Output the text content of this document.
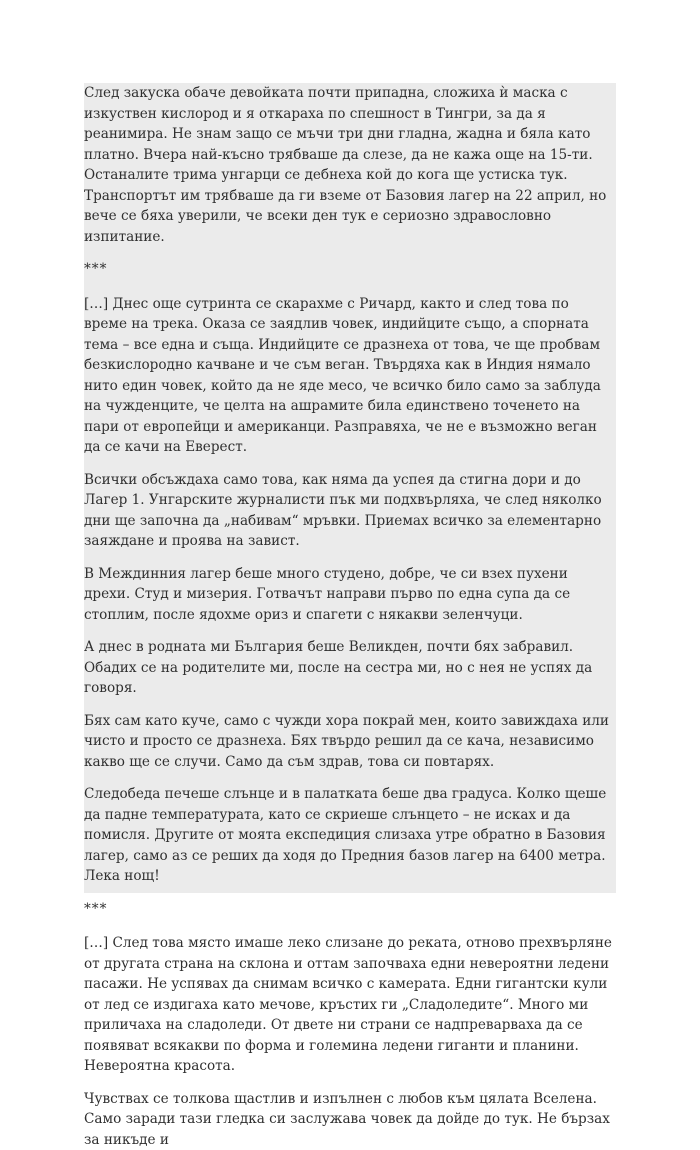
След закуска обаче девойката почти припадна, сложиха ѝ маска с изкуствен кислород и я откараха по спешност в Тингри, за да я реанимира. Не знам защо се мъчи три дни гладна, жадна и бяла като платно. Вчера най-късно трябваше да слезе, да не кажа още на 15-ти. Останалите трима унгарци се дебнеха кой до кога ще устиска тук. Транспортът им трябваше да ги вземе от Базовия лагер на 22 април, но вече се бяха уверили, че всеки ден тук е сериозно здравословно изпитание.

***

[…] Днес още сутринта се скарахме с Ричард, както и след това по време на трека. Оказа се заядлив човек, индийците също, а спорната тема – все една и съща. Индийците се дразнеха от това, че ще пробвам безкислородно качване и че съм веган. Твърдяха как в Индия нямало нито един човек, който да не яде месо, че всичко било само за заблуда на чужденците, че целта на ашрамите била единствено точенето на пари от европейци и американци. Разправяха, че не е възможно веган да се качи на Еверест.

Всички обсъждаха само това, как няма да успея да стигна дори и до Лагер 1. Унгарските журналисти пък ми подхвърляха, че след няколко дни ще започна да „набивам“ мръвки. Приемах всичко за елементарно заяждане и проява на завист.

В Междинния лагер беше много студено, добре, че си взех пухени дрехи. Студ и мизерия. Готвачът направи първо по една супа да се стоплим, после ядохме ориз и спагети с някакви зеленчуци.

А днес в родната ми България беше Великден, почти бях забравил. Обадих се на родителите ми, после на сестра ми, но с нея не успях да говоря.

Бях сам като куче, само с чужди хора покрай мен, които завиждаха или чисто и просто се дразнеха. Бях твърдо решил да се кача, независимо какво ще се случи. Само да съм здрав, това си повтарях.

Следобеда печеше слънце и в палатката беше два градуса. Колко щеше да падне температурата, като се скриеше слънцето – не исках и да помисля. Другите от моята експедиция слизаха утре обратно в Базовия лагер, само аз се реших да ходя до Предния базов лагер на 6400 метра. Лека нощ!

***

[…] След това място имаше леко слизане до реката, отново прехвърляне от другата страна на склона и оттам започваха едни невероятни ледени пасажи. Не успявах да снимам всичко с камерата. Едни гигантски кули от лед се издигаха като мечове, кръстих ги „Сладоледите“. Много ми приличаха на сладоледи. От двете ни страни се надпреварваха да се появяват всякакви по форма и големина ледени гиганти и планини. Невероятна красота.

Чувствах се толкова щастлив и изпълнен с любов към цялата Вселена. Само заради тази гледка си заслужава човек да дойде до тук. Не бързах за никъде и
